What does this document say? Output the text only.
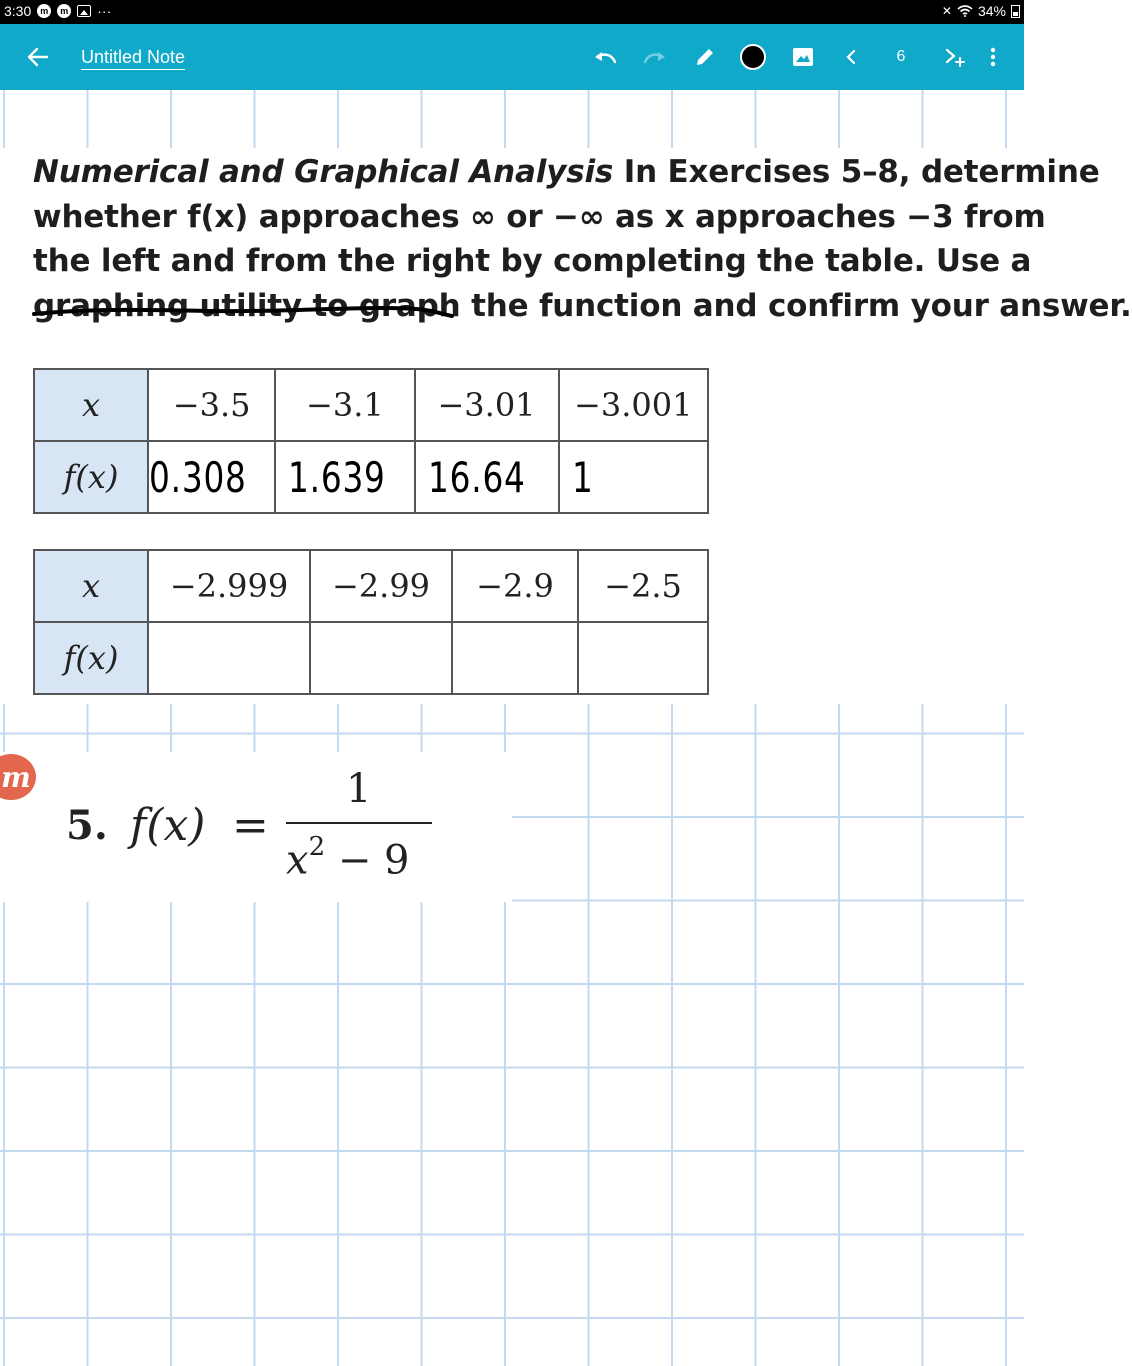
3:30 m	m ···	✕ 34%
Untitled Note	6
Numerical and Graphical Analysis In Exercises 5–8, determine
whether f(x) approaches ∞ or −∞ as x approaches −3 from
the left and from the right by completing the table. Use a
graphing utility to graph the function and confirm your answer.
x	−3.5	−3.1	−3.01	−3.001
f(x)	0.308	1.639	16.64	1
x	−2.999	−2.99	−2.9	−2.5
f(x)				
5. f(x) =
1
$x^2 - 9$
m
